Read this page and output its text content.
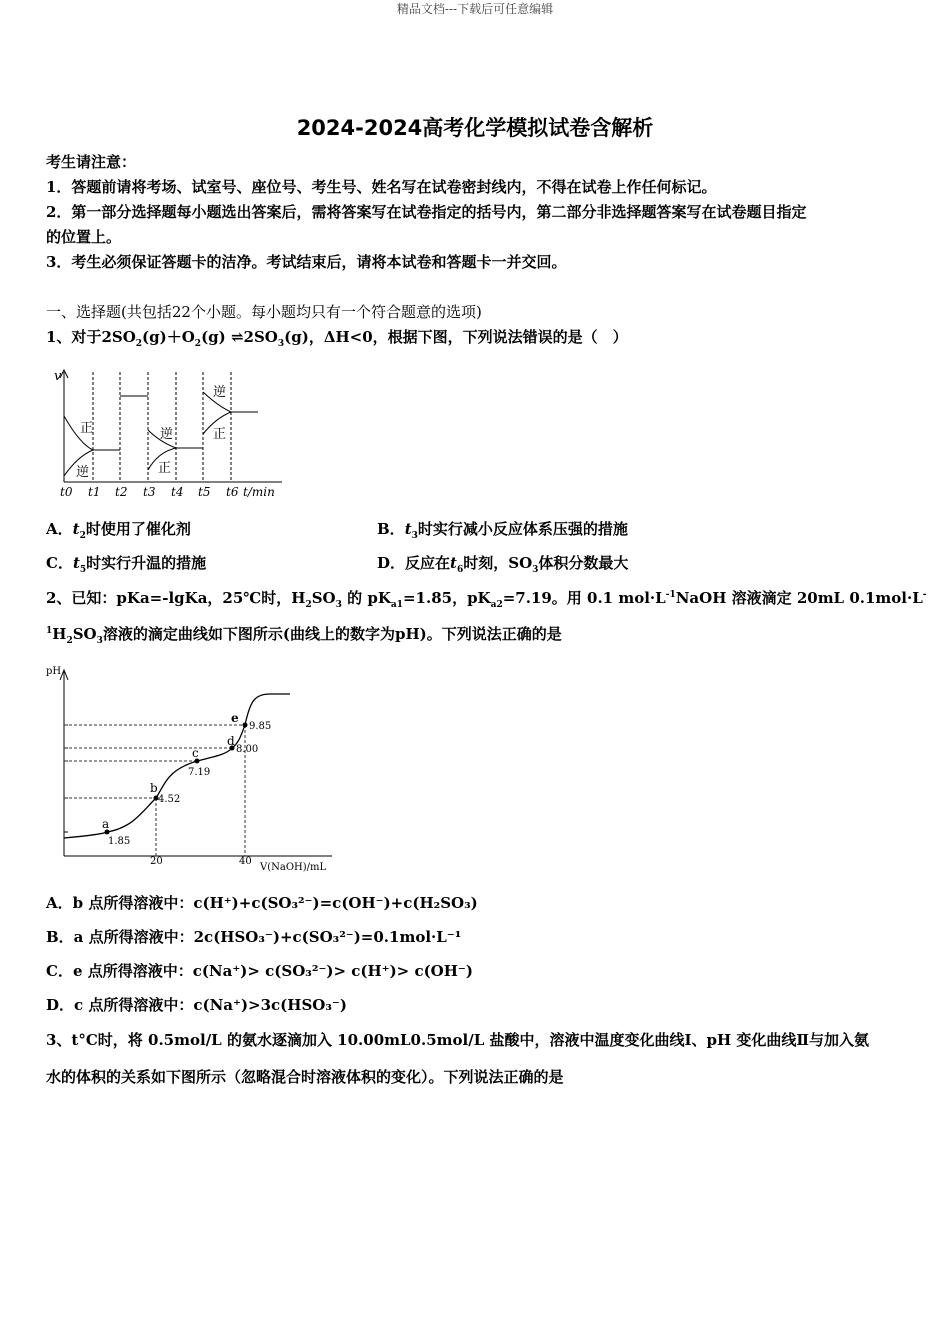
精品文档---下载后可任意编辑
2024-2024高考化学模拟试卷含解析
考生请注意：
1．答题前请将考场、试室号、座位号、考生号、姓名写在试卷密封线内，不得在试卷上作任何标记。
2．第一部分选择题每小题选出答案后，需将答案写在试卷指定的括号内，第二部分非选择题答案写在试卷题目指定
的位置上。
3．考生必须保证答题卡的洁净。考试结束后，请将本试卷和答题卡一并交回。
一、选择题(共包括22个小题。每小题均只有一个符合题意的选项)
1、对于$2SO_2(g)+O_2(g)$ $\rightleftharpoons 2SO_3(g)$，ΔH<0，根据下图，下列说法错误的是（　）
v
正
逆
逆
正
逆
正
t0 t1 t2 t3 t4 t5 t6 t/min
A．$t_2$时使用了催化剂	B．$t_3$时实行减小反应体系压强的措施
C．$t_5$时实行升温的措施	D．反应在$t_6$时刻，$SO_3$体积分数最大
2、已知：pKa=-lgKa，25℃时，$H_2SO_3$ 的 $pK_{a1}=1.85$，$pK_{a2}=7.19$。用 0.1 $mol\cdot L^{-1}NaOH$ 溶液滴定 20mL 0.1mol·L-
$^1H_2SO_3$溶液的滴定曲线如下图所示(曲线上的数字为pH)。下列说法正确的是
pH
a
1.85
b
4.52
c
7.19
d
8.00
e
9.85
20	40
V(NaOH)/mL
A．b 点所得溶液中：c(H⁺)+c(SO₃²⁻)=c(OH⁻)+c(H₂SO₃)
B．a 点所得溶液中：2c(HSO₃⁻)+c(SO₃²⁻)=0.1mol·L⁻¹
C．e 点所得溶液中：c(Na⁺)> c(SO₃²⁻)> c(H⁺)> c(OH⁻)
D．c 点所得溶液中：c(Na⁺)>3c(HSO₃⁻)
3、t°C时，将 0.5mol/L 的氨水逐滴加入 10.00mL0.5mol/L 盐酸中，溶液中温度变化曲线Ⅰ、pH 变化曲线Ⅱ与加入氨
水的体积的关系如下图所示（忽略混合时溶液体积的变化）。下列说法正确的是
